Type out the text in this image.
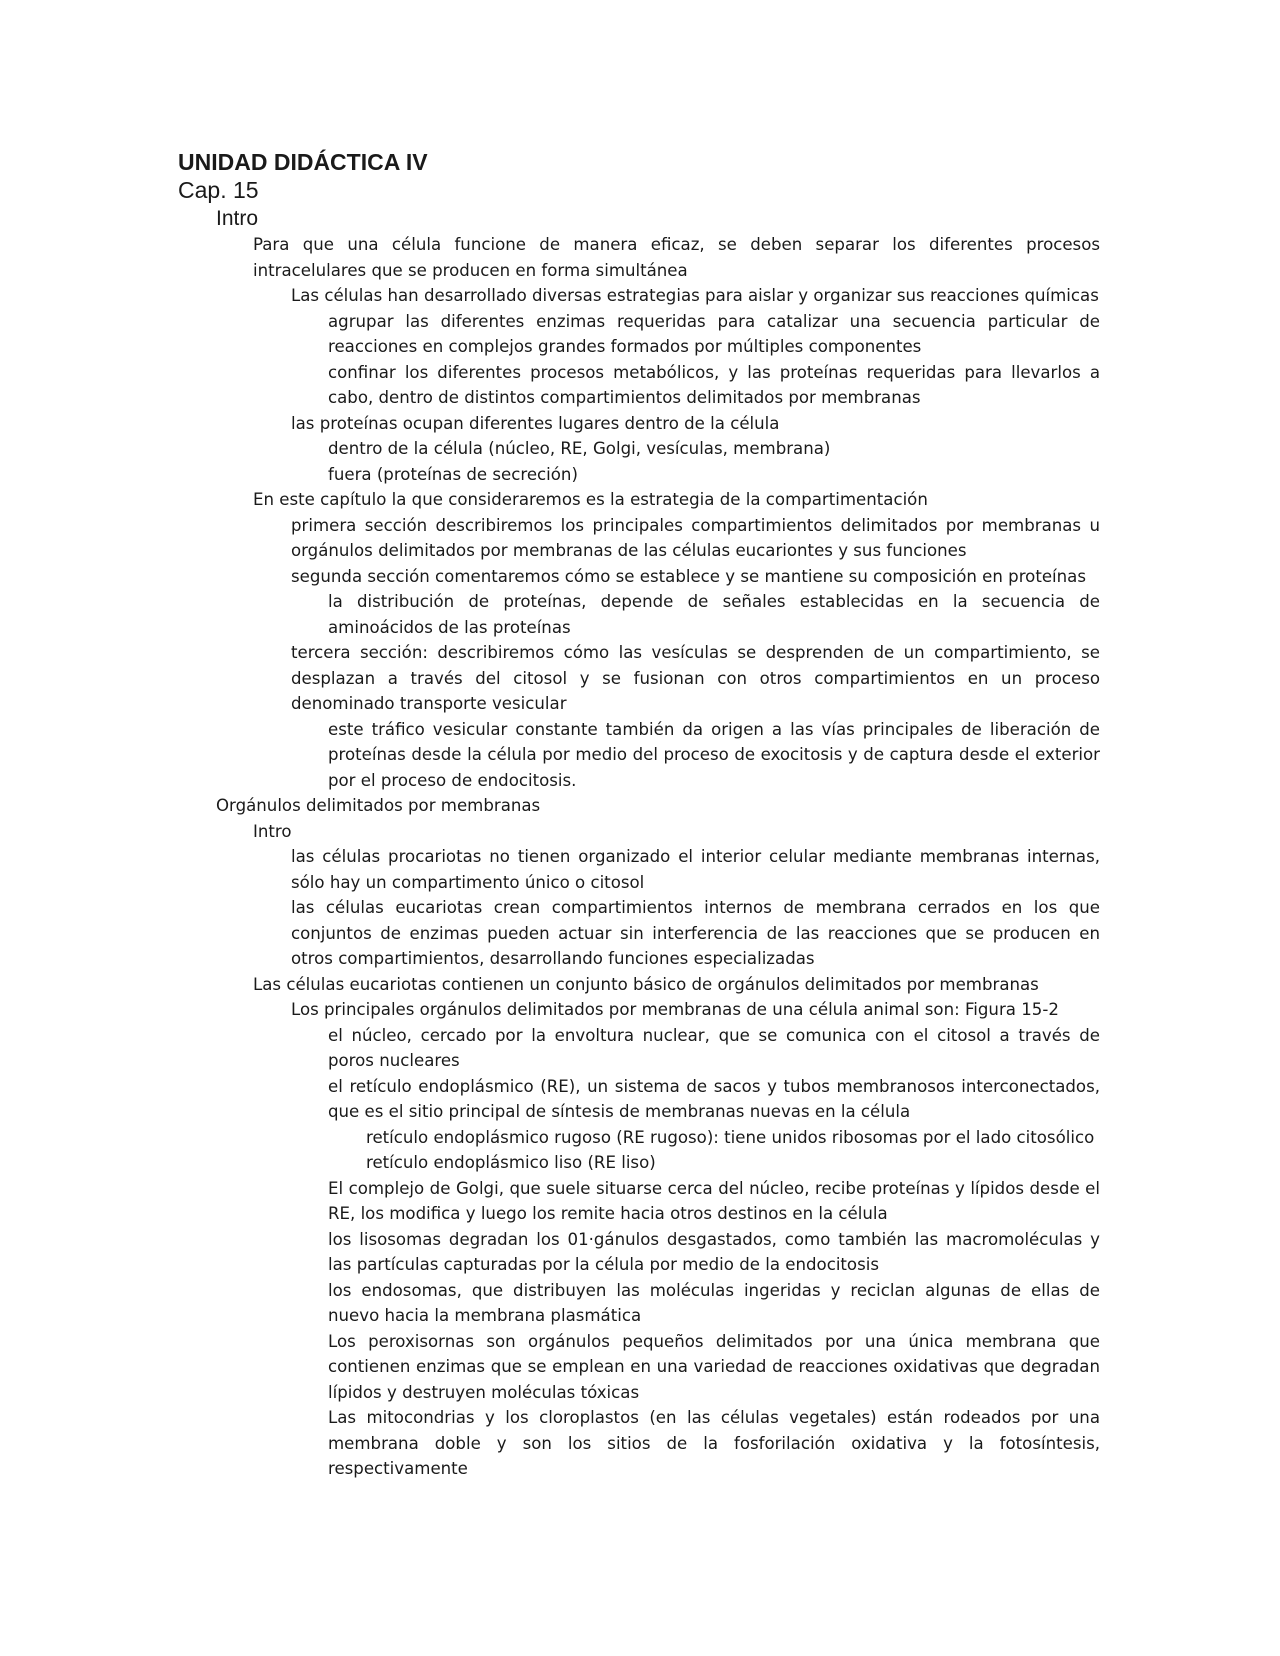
UNIDAD DIDÁCTICA IV
Cap. 15
Intro
Para que una célula funcione de manera eficaz, se deben separar los diferentes procesos intracelulares que se producen en forma simultánea
Las células han desarrollado diversas estrategias para aislar y organizar sus reacciones químicas
agrupar las diferentes enzimas requeridas para catalizar una secuencia particular de reacciones en complejos grandes formados por múltiples componentes
confinar los diferentes procesos metabólicos, y las proteínas requeridas para llevarlos a cabo, dentro de distintos compartimientos delimitados por membranas
las proteínas ocupan diferentes lugares dentro de la célula
dentro de la célula (núcleo, RE, Golgi, vesículas, membrana)
fuera (proteínas de secreción)
En este capítulo la que consideraremos es la estrategia de la compartimentación
primera sección describiremos los principales compartimientos delimitados por membranas u orgánulos delimitados por membranas de las células eucariontes y sus funciones
segunda sección comentaremos cómo se establece y se mantiene su composición en proteínas
la distribución de proteínas, depende de señales establecidas en la secuencia de aminoácidos de las proteínas
tercera sección: describiremos cómo las vesículas se desprenden de un compartimiento, se desplazan a través del citosol y se fusionan con otros compartimientos en un proceso denominado transporte vesicular
este tráfico vesicular constante también da origen a las vías principales de liberación de proteínas desde la célula por medio del proceso de exocitosis y de captura desde el exterior por el proceso de endocitosis.
Orgánulos delimitados por membranas
Intro
las células procariotas no tienen organizado el interior celular mediante membranas internas, sólo hay un compartimento único o citosol
las células eucariotas crean compartimientos internos de membrana cerrados en los que conjuntos de enzimas pueden actuar sin interferencia de las reacciones que se producen en otros compartimientos, desarrollando funciones especializadas
Las células eucariotas contienen un conjunto básico de orgánulos delimitados por membranas
Los principales orgánulos delimitados por membranas de una célula animal son: Figura 15-2
el núcleo, cercado por la envoltura nuclear, que se comunica con el citosol a través de poros nucleares
el retículo endoplásmico (RE), un sistema de sacos y tubos membranosos interconectados, que es el sitio principal de síntesis de membranas nuevas en la célula
retículo endoplásmico rugoso (RE rugoso): tiene unidos ribosomas por el lado citosólico
retículo endoplásmico liso (RE liso)
El complejo de Golgi, que suele situarse cerca del núcleo, recibe proteínas y lípidos desde el RE, los modifica y luego los remite hacia otros destinos en la célula
los lisosomas degradan los 01·gánulos desgastados, como también las macromoléculas y las partículas capturadas por la célula por medio de la endocitosis
los endosomas, que distribuyen las moléculas ingeridas y reciclan algunas de ellas de nuevo hacia la membrana plasmática
Los peroxisornas son orgánulos pequeños delimitados por una única membrana que contienen enzimas que se emplean en una variedad de reacciones oxidativas que degradan lípidos y destruyen moléculas tóxicas
Las mitocondrias y los cloroplastos (en las células vegetales) están rodeados por una membrana doble y son los sitios de la fosforilación oxidativa y la fotosíntesis, respectivamente
